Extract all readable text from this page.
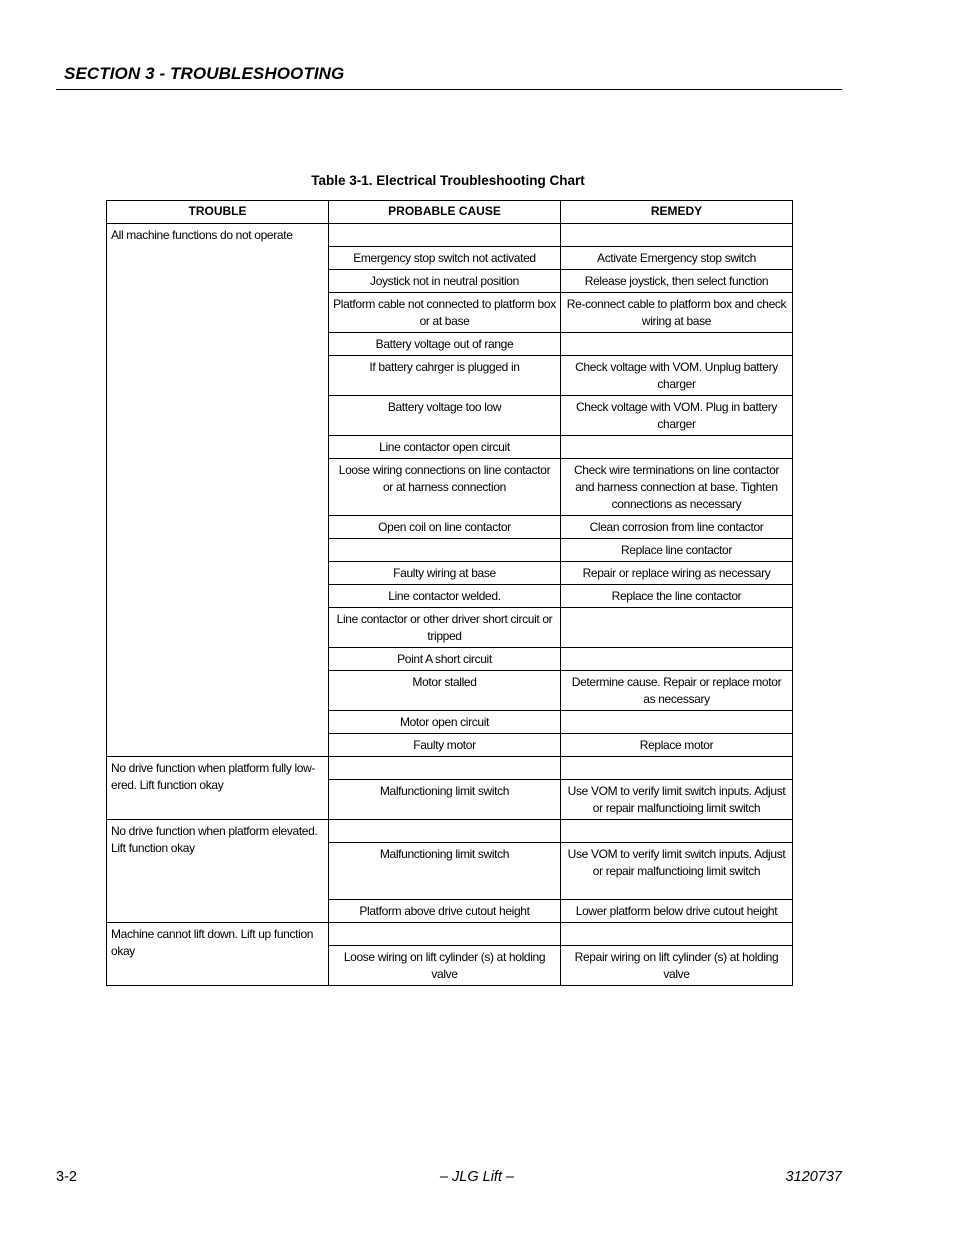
SECTION 3 - TROUBLESHOOTING
Table 3-1. Electrical Troubleshooting Chart
TROUBLE	PROBABLE CAUSE	REMEDY
All machine functions do not operate		
	Emergency stop switch not activated	Activate Emergency stop switch
	Joystick not in neutral position	Release joystick, then select function
	Platform cable not connected to platform box or at base	Re-connect cable to platform box and check wiring at base
	Battery voltage out of range	
	If battery cahrger is plugged in	Check voltage with VOM. Unplug battery charger
	Battery voltage too low	Check voltage with VOM. Plug in battery charger
	Line contactor open circuit	
	Loose wiring connections on line contactor or at harness connection	Check wire terminations on line contactor and harness connection at base. Tighten connections as necessary
	Open coil on line contactor	Clean corrosion from line contactor
		Replace line contactor
	Faulty wiring at base	Repair or replace wiring as necessary
	Line contactor welded.	Replace the line contactor
	Line contactor or other driver short circuit or tripped	
	Point A short circuit	
	Motor stalled	Determine cause. Repair or replace motor as necessary
	Motor open circuit	
	Faulty motor	Replace motor
No drive function when platform fully low-ered. Lift function okay		
	Malfunctioning limit switch	Use VOM to verify limit switch inputs. Adjust or repair malfunctioing limit switch
No drive function when platform elevated. Lift function okay		
	Malfunctioning limit switch	Use VOM to verify limit switch inputs. Adjust or repair malfunctioing limit switch
	Platform above drive cutout height	Lower platform below drive cutout height
Machine cannot lift down. Lift up function okay		
	Loose wiring on lift cylinder (s) at holding valve	Repair wiring on lift cylinder (s) at holding valve
3-2	– JLG Lift –	3120737
